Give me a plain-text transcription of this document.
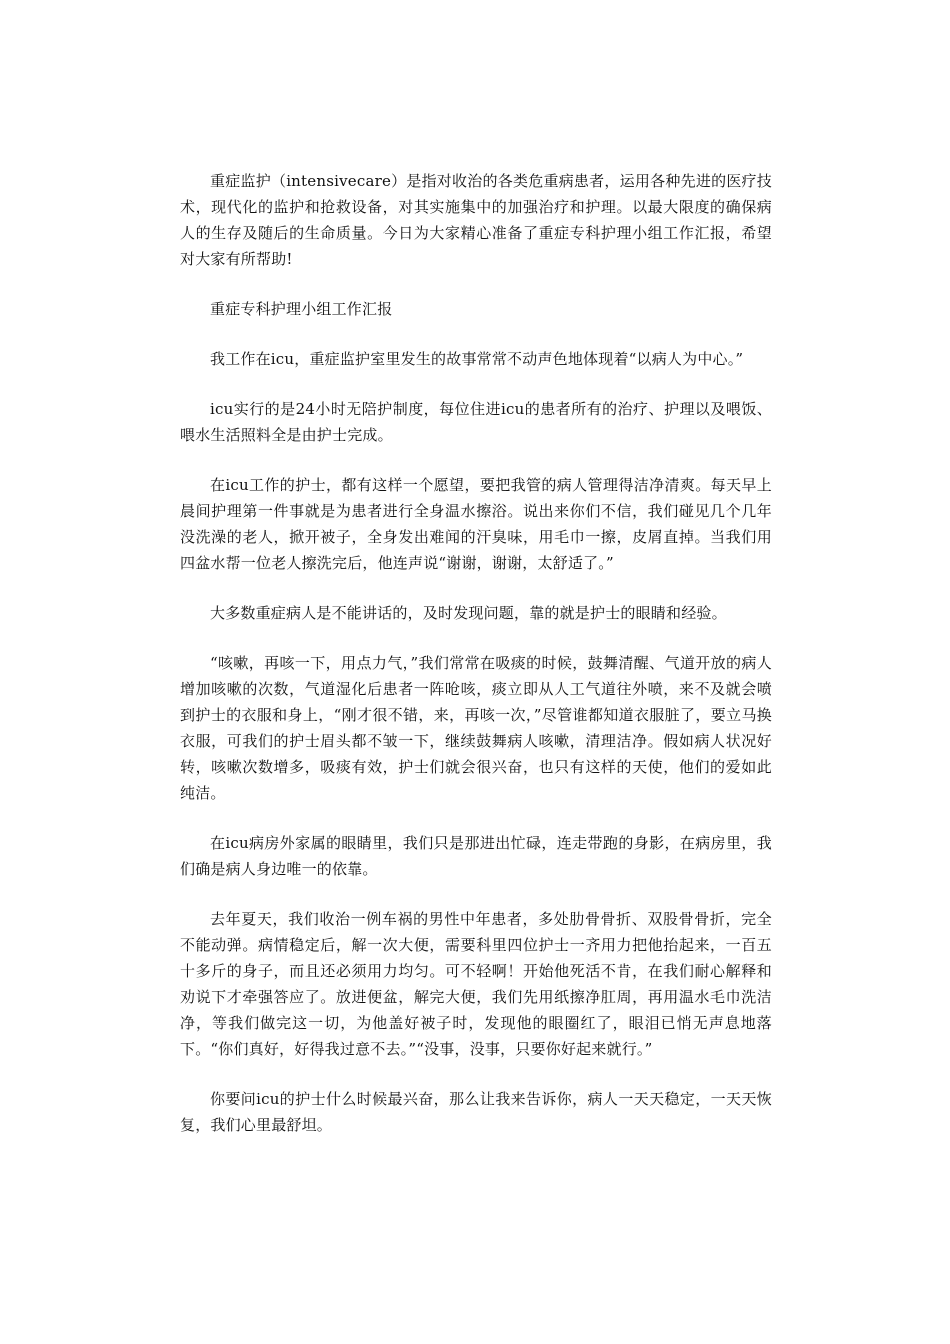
重症监护（intensivecare）是指对收治的各类危重病患者，运用各种先进的医疗技术，现代化的监护和抢救设备，对其实施集中的加强治疗和护理。以最大限度的确保病人的生存及随后的生命质量。今日为大家精心准备了重症专科护理小组工作汇报，希望对大家有所帮助!

重症专科护理小组工作汇报

我工作在icu，重症监护室里发生的故事常常不动声色地体现着“以病人为中心。”

icu实行的是24小时无陪护制度，每位住进icu的患者所有的治疗、护理以及喂饭、喂水生活照料全是由护士完成。

在icu工作的护士，都有这样一个愿望，要把我管的病人管理得洁净清爽。每天早上晨间护理第一件事就是为患者进行全身温水擦浴。说出来你们不信，我们碰见几个几年没洗澡的老人，掀开被子，全身发出难闻的汗臭味，用毛巾一擦，皮屑直掉。当我们用四盆水帮一位老人擦洗完后，他连声说“谢谢，谢谢，太舒适了。”

大多数重症病人是不能讲话的，及时发现问题，靠的就是护士的眼睛和经验。

“咳嗽，再咳一下，用点力气，”我们常常在吸痰的时候，鼓舞清醒、气道开放的病人增加咳嗽的次数，气道湿化后患者一阵呛咳，痰立即从人工气道往外喷，来不及就会喷到护士的衣服和身上，“刚才很不错，来，再咳一次，”尽管谁都知道衣服脏了，要立马换衣服，可我们的护士眉头都不皱一下，继续鼓舞病人咳嗽，清理洁净。假如病人状况好转，咳嗽次数增多，吸痰有效，护士们就会很兴奋，也只有这样的天使，他们的爱如此纯洁。

在icu病房外家属的眼睛里，我们只是那进出忙碌，连走带跑的身影，在病房里，我们确是病人身边唯一的依靠。

去年夏天，我们收治一例车祸的男性中年患者，多处肋骨骨折、双股骨骨折，完全不能动弹。病情稳定后，解一次大便，需要科里四位护士一齐用力把他抬起来，一百五十多斤的身子，而且还必须用力均匀。可不轻啊！开始他死活不肯，在我们耐心解释和劝说下才牵强答应了。放进便盆，解完大便，我们先用纸擦净肛周，再用温水毛巾洗洁净，等我们做完这一切，为他盖好被子时，发现他的眼圈红了，眼泪已悄无声息地落下。“你们真好，好得我过意不去。”“没事，没事，只要你好起来就行。”

你要问icu的护士什么时候最兴奋，那么让我来告诉你，病人一天天稳定，一天天恢复，我们心里最舒坦。
